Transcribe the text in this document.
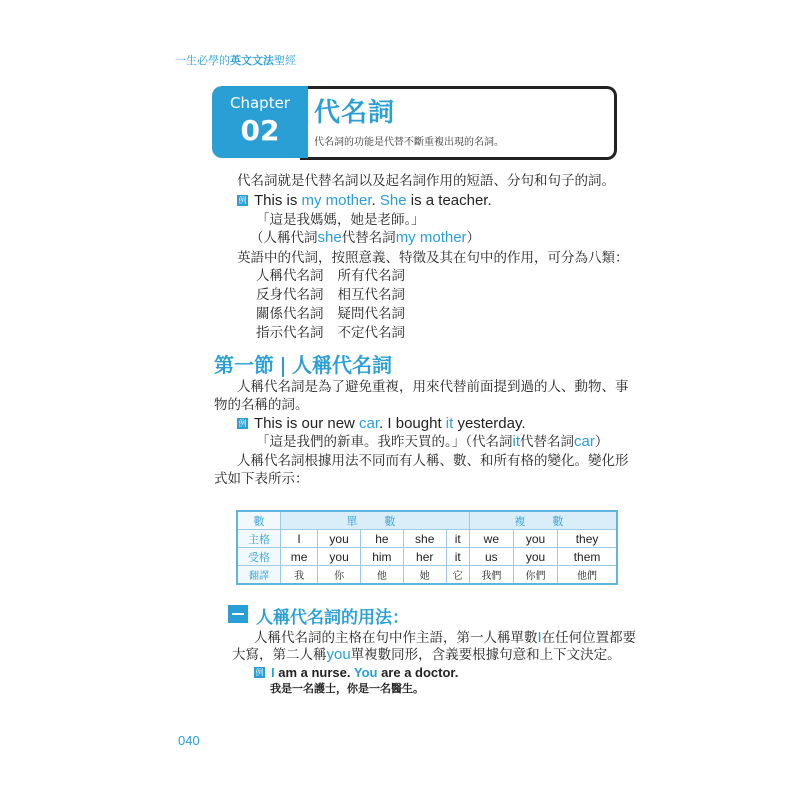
一生必學的英文文法聖經
Chapter
02
代名詞
代名詞的功能是代替不斷重複出現的名詞。
代名詞就是代替名詞以及起名詞作用的短語、分句和句子的詞。
例 This is my mother. She is a teacher.
「這是我媽媽，她是老師。」
（人稱代詞she代替名詞my mother）
英語中的代詞，按照意義、特徵及其在句中的作用，可分為八類：
人稱代名詞 所有代名詞
反身代名詞 相互代名詞
關係代名詞 疑問代名詞
指示代名詞 不定代名詞
第一節 人稱代名詞
人稱代名詞是為了避免重複，用來代替前面提到過的人、動物、事
物的名稱的詞。
例 This is our new car. I bought it yesterday.
「這是我們的新車。我昨天買的。」（代名詞it代替名詞car）
人稱代名詞根據用法不同而有人稱、數、和所有格的變化。變化形
式如下表所示：
數	單　數					複　數		
主格	I	you	he	she	it	we	you	they
受格	me	you	him	her	it	us	you	them
翻譯	我	你	他	她	它	我們	你們	他們
人稱代名詞的用法：
人稱代名詞的主格在句中作主語，第一人稱單數I在任何位置都要
大寫，第二人稱you單複數同形，含義要根據句意和上下文決定。
例 I am a nurse. You are a doctor.
我是一名護士，你是一名醫生。
040
